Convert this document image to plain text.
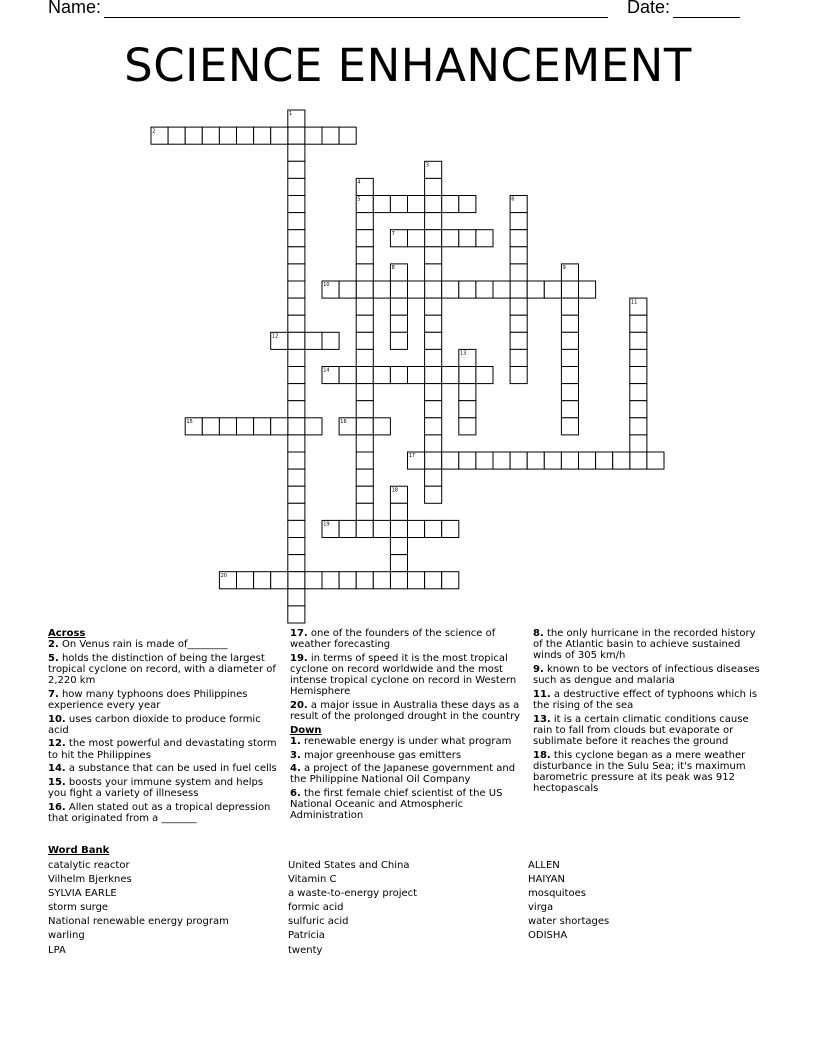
Name:	Date:
SCIENCE ENHANCEMENT
1
2
3
4
5	6
7
8	9
10
11
12
13
14
15	16
17
18
19
20
Across
2. On Venus rain is made of________
5. holds the distinction of being the largest tropical cyclone on record, with a diameter of 2,220 km
7. how many typhoons does Philippines experience every year
10. uses carbon dioxide to produce formic acid
12. the most powerful and devastating storm to hit the Philippines
14. a substance that can be used in fuel cells
15. boosts your immune system and helps you fight a variety of illnesess
16. Allen stated out as a tropical depression that originated from a _______
17. one of the founders of the science of weather forecasting
19. in terms of speed it is the most tropical cyclone on record worldwide and the most intense tropical cyclone on record in Western Hemisphere
20. a major issue in Australia these days as a result of the prolonged drought in the country
Down
1. renewable energy is under what program
3. major greenhouse gas emitters
4. a project of the Japanese government and the Philippine National Oil Company
6. the first female chief scientist of the US National Oceanic and Atmospheric Administration
8. the only hurricane in the recorded history of the Atlantic basin to achieve sustained winds of 305 km/h
9. known to be vectors of infectious diseases such as dengue and malaria
11. a destructive effect of typhoons which is the rising of the sea
13. it is a certain climatic conditions cause rain to fall from clouds but evaporate or sublimate before it reaches the ground
18. this cyclone began as a mere weather disturbance in the Sulu Sea; it's maximum barometric pressure at its peak was 912 hectopascals
Word Bank
catalytic reactor
Vilhelm Bjerknes
SYLVIA EARLE
storm surge
National renewable energy program
warling
LPA
United States and China
Vitamin C
a waste-to-energy project
formic acid
sulfuric acid
Patricia
twenty
ALLEN
HAIYAN
mosquitoes
virga
water shortages
ODISHA
